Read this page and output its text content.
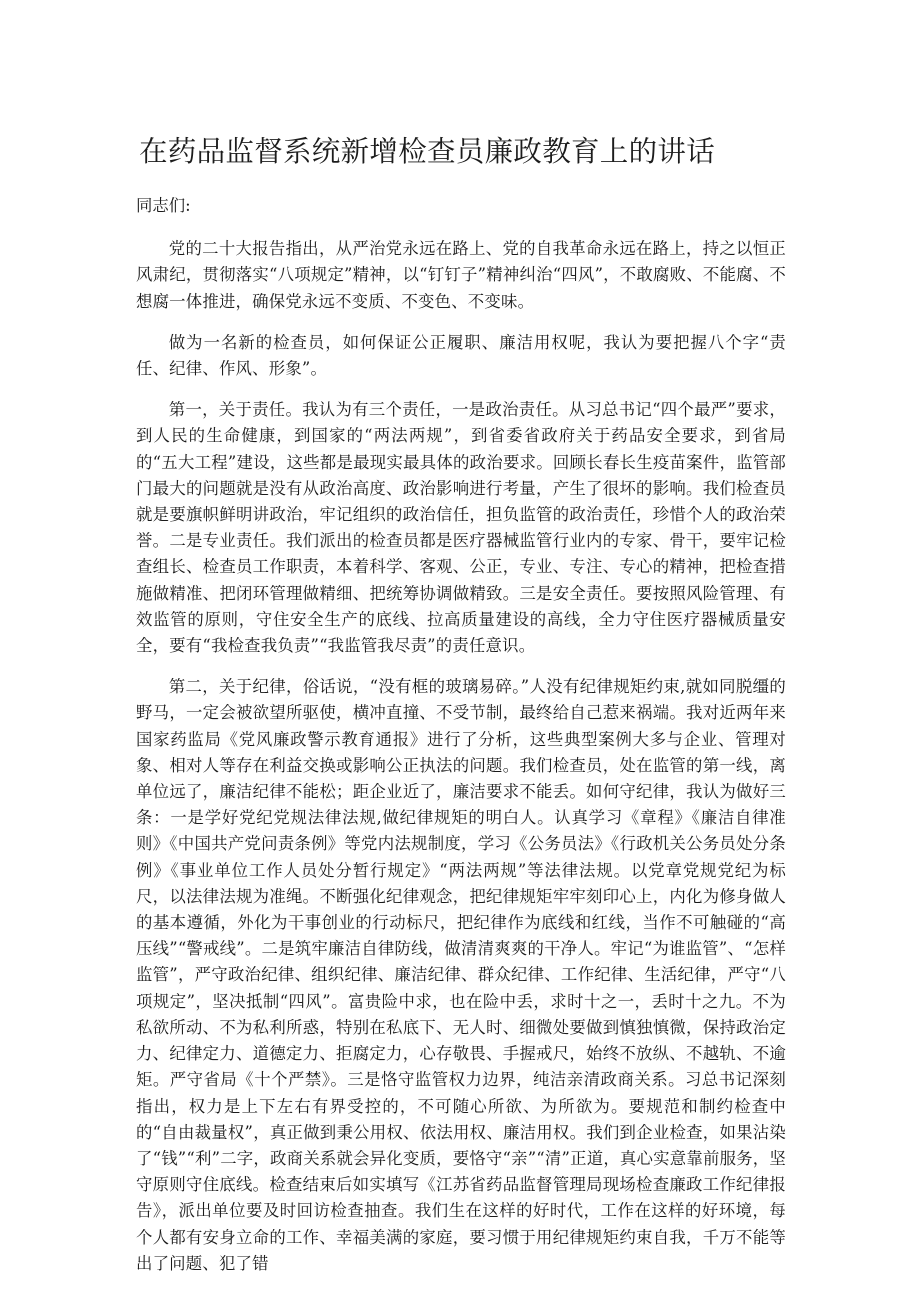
在药品监督系统新增检查员廉政教育上的讲话

同志们:

党的二十大报告指出，从严治党永远在路上、党的自我革命永远在路上，持之以恒正风肃纪，贯彻落实“八项规定”精神，以“钉钉子”精神纠治“四风”，不敢腐败、不能腐、不想腐一体推进，确保党永远不变质、不变色、不变味。

做为一名新的检查员，如何保证公正履职、廉洁用权呢，我认为要把握八个字“责任、纪律、作风、形象”。

第一，关于责任。我认为有三个责任，一是政治责任。从习总书记“四个最严”要求，到人民的生命健康，到国家的“两法两规”，到省委省政府关于药品安全要求，到省局的“五大工程”建设，这些都是最现实最具体的政治要求。回顾长春长生疫苗案件，监管部门最大的问题就是没有从政治高度、政治影响进行考量，产生了很坏的影响。我们检查员就是要旗帜鲜明讲政治，牢记组织的政治信任，担负监管的政治责任，珍惜个人的政治荣誉。二是专业责任。我们派出的检查员都是医疗器械监管行业内的专家、骨干，要牢记检查组长、检查员工作职责，本着科学、客观、公正，专业、专注、专心的精神，把检查措施做精准、把闭环管理做精细、把统筹协调做精致。三是安全责任。要按照风险管理、有效监管的原则，守住安全生产的底线、拉高质量建设的高线，全力守住医疗器械质量安全，要有“我检查我负责”“我监管我尽责”的责任意识。

第二，关于纪律，俗话说，“没有框的玻璃易碎。”人没有纪律规矩约束,就如同脱缰的野马，一定会被欲望所驱使，横冲直撞、不受节制，最终给自己惹来祸端。我对近两年来国家药监局《党风廉政警示教育通报》进行了分析，这些典型案例大多与企业、管理对象、相对人等存在利益交换或影响公正执法的问题。我们检查员，处在监管的第一线，离单位远了，廉洁纪律不能松；距企业近了，廉洁要求不能丢。如何守纪律，我认为做好三条：一是学好党纪党规法律法规,做纪律规矩的明白人。认真学习《章程》《廉洁自律准则》《中国共产党问责条例》等党内法规制度，学习《公务员法》《行政机关公务员处分条例》《事业单位工作人员处分暂行规定》“两法两规”等法律法规。以党章党规党纪为标尺，以法律法规为准绳。不断强化纪律观念，把纪律规矩牢牢刻印心上，内化为修身做人的基本遵循，外化为干事创业的行动标尺，把纪律作为底线和红线，当作不可触碰的“高压线”“警戒线”。二是筑牢廉洁自律防线，做清清爽爽的干净人。牢记“为谁监管”、“怎样监管”，严守政治纪律、组织纪律、廉洁纪律、群众纪律、工作纪律、生活纪律，严守“八项规定”，坚决抵制“四风”。富贵险中求，也在险中丢，求时十之一，丢时十之九。不为私欲所动、不为私利所惑，特别在私底下、无人时、细微处要做到慎独慎微，保持政治定力、纪律定力、道德定力、拒腐定力，心存敬畏、手握戒尺，始终不放纵、不越轨、不逾矩。严守省局《十个严禁》。三是恪守监管权力边界，纯洁亲清政商关系。习总书记深刻指出，权力是上下左右有界受控的，不可随心所欲、为所欲为。要规范和制约检查中的“自由裁量权”，真正做到秉公用权、依法用权、廉洁用权。我们到企业检查，如果沾染了“钱”“利”二字，政商关系就会异化变质，要恪守“亲”“清”正道，真心实意靠前服务，坚守原则守住底线。检查结束后如实填写《江苏省药品监督管理局现场检查廉政工作纪律报告》，派出单位要及时回访检查抽查。我们生在这样的好时代，工作在这样的好环境，每个人都有安身立命的工作、幸福美满的家庭，要习惯于用纪律规矩约束自我，千万不能等出了问题、犯了错
